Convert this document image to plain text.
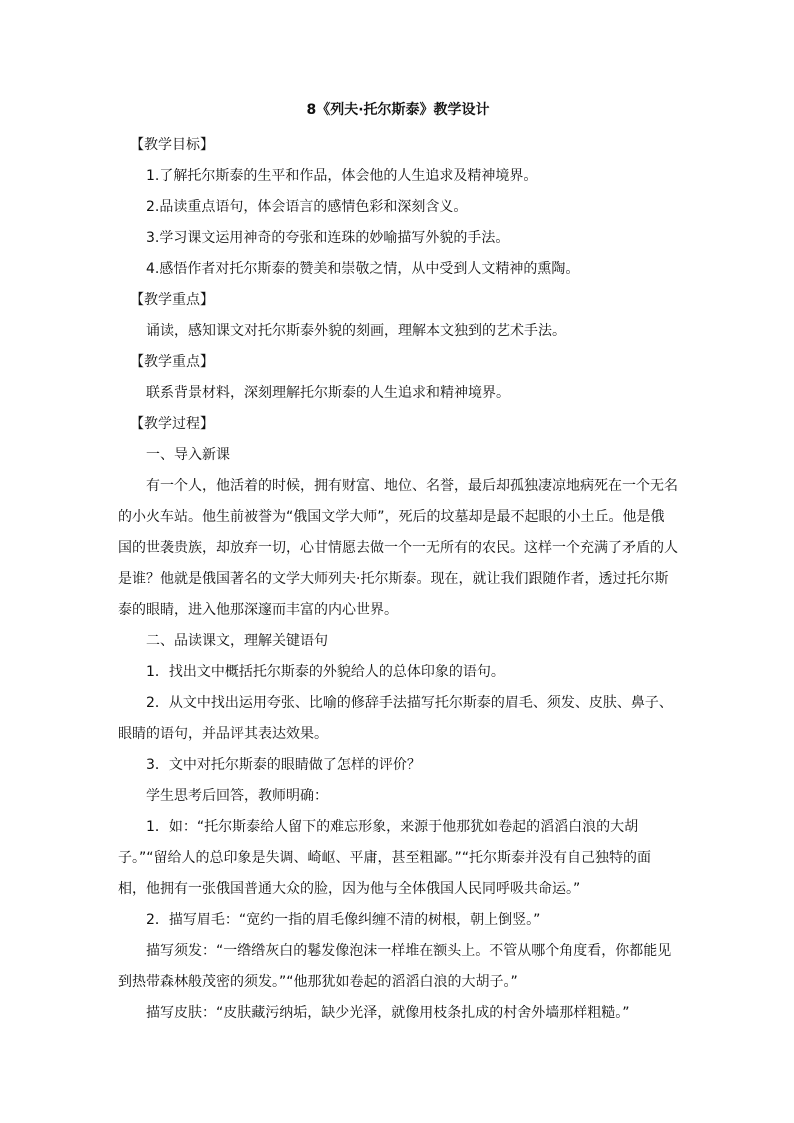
8《列夫·托尔斯泰》教学设计

【教学目标】

1.了解托尔斯泰的生平和作品，体会他的人生追求及精神境界。

2.品读重点语句，体会语言的感情色彩和深刻含义。

3.学习课文运用神奇的夸张和连珠的妙喻描写外貌的手法。

4.感悟作者对托尔斯泰的赞美和崇敬之情，从中受到人文精神的熏陶。

【教学重点】

诵读，感知课文对托尔斯泰外貌的刻画，理解本文独到的艺术手法。

【教学重点】

联系背景材料，深刻理解托尔斯泰的人生追求和精神境界。

【教学过程】

一、导入新课

有一个人，他活着的时候，拥有财富、地位、名誉，最后却孤独凄凉地病死在一个无名的小火车站。他生前被誉为“俄国文学大师”，死后的坟墓却是最不起眼的小土丘。他是俄国的世袭贵族，却放弃一切，心甘情愿去做一个一无所有的农民。这样一个充满了矛盾的人是谁？他就是俄国著名的文学大师列夫·托尔斯泰。现在，就让我们跟随作者，透过托尔斯泰的眼睛，进入他那深邃而丰富的内心世界。

二、品读课文，理解关键语句

1．找出文中概括托尔斯泰的外貌给人的总体印象的语句。

2．从文中找出运用夸张、比喻的修辞手法描写托尔斯泰的眉毛、须发、皮肤、鼻子、眼睛的语句，并品评其表达效果。

3．文中对托尔斯泰的眼睛做了怎样的评价？

学生思考后回答，教师明确：

1．如：“托尔斯泰给人留下的难忘形象，来源于他那犹如卷起的滔滔白浪的大胡子。”“留给人的总印象是失调、崎岖、平庸，甚至粗鄙。”“托尔斯泰并没有自己独特的面相，他拥有一张俄国普通大众的脸，因为他与全体俄国人民同呼吸共命运。”

2．描写眉毛：“宽约一指的眉毛像纠缠不清的树根，朝上倒竖。”

描写须发：“一绺绺灰白的鬈发像泡沫一样堆在额头上。不管从哪个角度看，你都能见到热带森林般茂密的须发。”“他那犹如卷起的滔滔白浪的大胡子。”

描写皮肤：“皮肤藏污纳垢，缺少光泽，就像用枝条扎成的村舍外墙那样粗糙。”
